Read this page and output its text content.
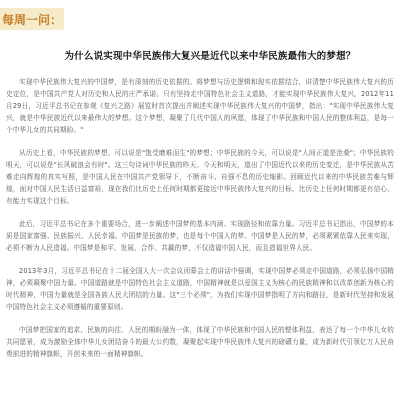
每周一问：
为什么说实现中华民族伟大复兴是近代以来中华民族最伟大的梦想？

实现中华民族伟大复兴的中国梦，是有深刻的历史依据的。将梦想与历史逻辑和现实依据结合，讲清楚中华民族伟大复兴的历史定位，是中国共产党人对历史和人民的庄严承诺。只有坚持走中国特色社会主义道路，才能实现中华民族伟大复兴，2012年11月29日，习近平总书记在参观《复兴之路》展览时首次提出并阐述实现中华民族伟大复兴的中国梦，指出："实现中华民族伟大复兴，就是中华民族近代以来最伟大的梦想。这个梦想，凝聚了几代中国人的夙愿，体现了中华民族和中国人民的整体利益，是每一个中华儿女的共同期盼。"

从历史上看，中华民族的梦想，可以说是"饱受磨难而生"的梦想；中华民族的今天，可以说是"人间正道是沧桑"；中华民族的明天，可以说是"长风破浪会有时"。这三句诗词中华民族的昨天、今天和明天，道出了中国近代以来的历史变迁，是中华民族从苦难走向辉煌的真实写照，是中国人民在中国共产党领导下，不断奋斗、自强不息的历史缩影。回顾近代以来的中华民族苦难与辉煌，面对中国人民生活日益富裕，现在我们比历史上任何时期都更接近中华民族伟大复兴的目标，比历史上任何时期都更有信心、有能力实现这个目标。

此后，习近平总书记在多个重要场合，进一步阐述中国梦的基本内涵、实现路径和依靠力量。习近平总书记指出，中国梦的本质是国家富强、民族振兴、人民幸福。中国梦是民族的梦，也是每个中国人的梦。中国梦是人民的梦，必须紧紧依靠人民来实现，必须不断为人民造福。中国梦是和平、发展、合作、共赢的梦，不仅造福中国人民，而且造福世界人民。

2013年3月，习近平总书记在十二届全国人大一次会议闭幕会上的讲话中强调，实现中国梦必须走中国道路，必须弘扬中国精神，必须凝聚中国力量。中国道路就是中国特色社会主义道路，中国精神就是以爱国主义为核心的民族精神和以改革创新为核心的时代精神，中国力量就是全国各族人民大团结的力量。这"三个必须"，为我们实现中国梦指明了方向和路径，是新时代坚持和发展中国特色社会主义必须遵循的重要原则。

中国梦把国家的追求、民族的向往、人民的期盼融为一体，体现了中华民族和中国人民的整体利益，表达了每一个中华儿女的共同愿景，成为激励全体中华儿女团结奋斗的最大公约数，凝聚起实现中华民族伟大复兴的磅礴力量，成为新时代引领亿万人民奋勇前进的精神旗帜，开创未来的一面精神旗帜。
